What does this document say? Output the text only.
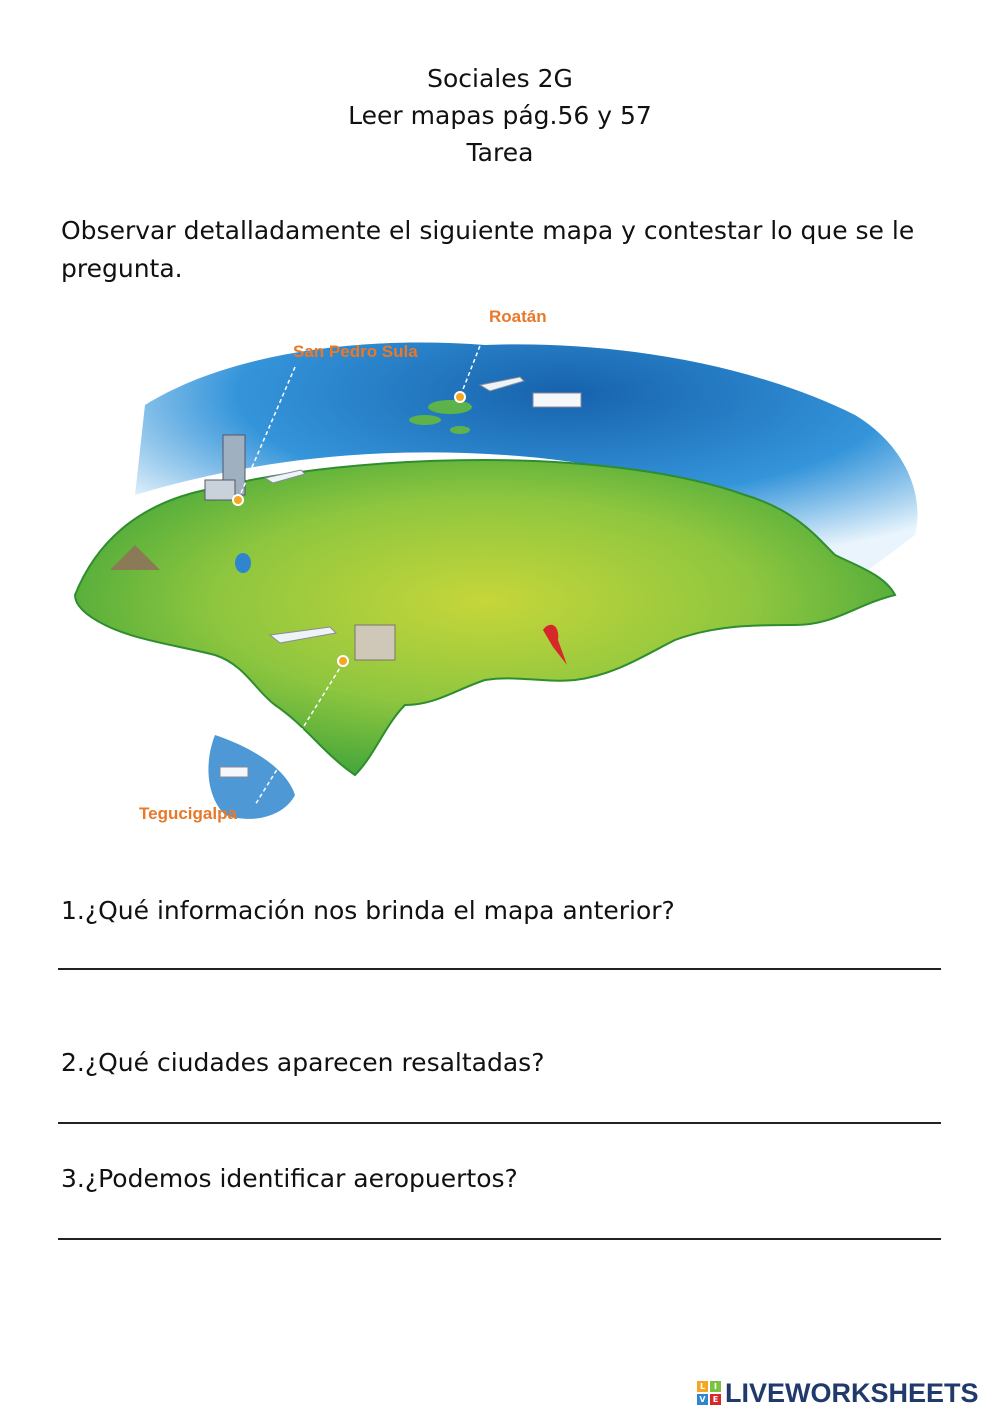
Sociales 2G
Leer mapas pág.56 y 57
Tarea
Observar detalladamente el siguiente mapa y contestar lo que se le pregunta.
Roatán
San Pedro Sula
Tegucigalpa
1.¿Qué información nos brinda el mapa anterior?
2.¿Qué ciudades aparecen resaltadas?
3.¿Podemos identificar aeropuertos?
L	I
V E LIVEWORKSHEETS
